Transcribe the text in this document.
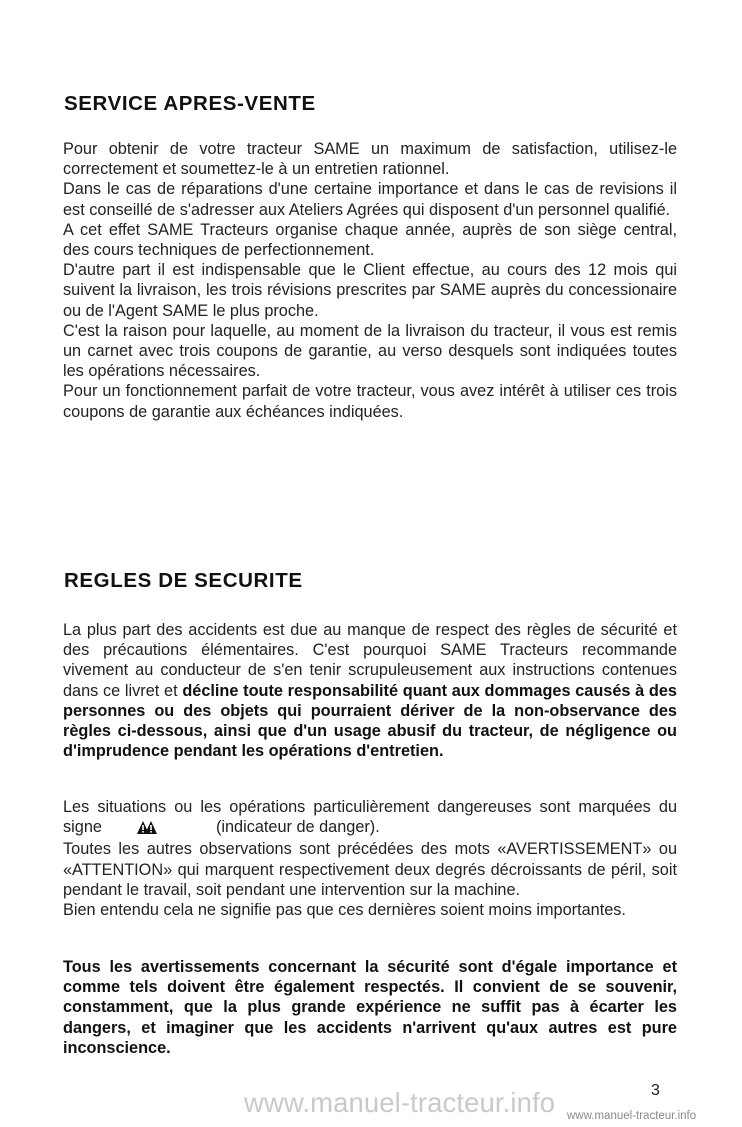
SERVICE APRES-VENTE

Pour obtenir de votre tracteur SAME un maximum de satisfaction, utilisez-le correctement et soumettez-le à un entretien rationnel.
Dans le cas de réparations d'une certaine importance et dans le cas de revisions il est conseillé de s'adresser aux Ateliers Agrées qui disposent d'un personnel qualifié.
A cet effet SAME Tracteurs organise chaque année, auprès de son siège central, des cours techniques de perfectionnement.
D'autre part il est indispensable que le Client effectue, au cours des 12 mois qui suivent la livraison, les trois révisions prescrites par SAME auprès du concessionaire ou de l'Agent SAME le plus proche.
C'est la raison pour laquelle, au moment de la livraison du tracteur, il vous est remis un carnet avec trois coupons de garantie, au verso desquels sont indiquées toutes les opérations nécessaires.
Pour un fonctionnement parfait de votre tracteur, vous avez intérêt à utiliser ces trois coupons de garantie aux échéances indiquées.

REGLES DE SECURITE

La plus part des accidents est due au manque de respect des règles de sécurité et des précautions élémentaires. C'est pourquoi SAME Tracteurs recommande vivement au conducteur de s'en tenir scrupuleusement aux instructions contenues dans ce livret et décline toute responsabilité quant aux dommages causés à des personnes ou des objets qui pourraient dériver de la non-observance des règles ci-dessous, ainsi que d'un usage abusif du tracteur, de négligence ou d'imprudence pendant les opérations d'entretien.

Les situations ou les opérations particulièrement dangereuses sont marquées du signe	(indicateur de danger).

Toutes les autres observations sont précédées des mots «AVERTISSEMENT» ou «ATTENTION» qui marquent respectivement deux degrés décroissants de péril, soit pendant le travail, soit pendant une intervention sur la machine.

Bien entendu cela ne signifie pas que ces dernières soient moins importantes.

Tous les avertissements concernant la sécurité sont d'égale importance et comme tels doivent être également respectés. Il convient de se souvenir, constamment, que la plus grande expérience ne suffit pas à écarter les dangers, et imaginer que les accidents n'arrivent qu'aux autres est pure inconscience.

3
www.manuel-tracteur.info www.manuel-tracteur.info
